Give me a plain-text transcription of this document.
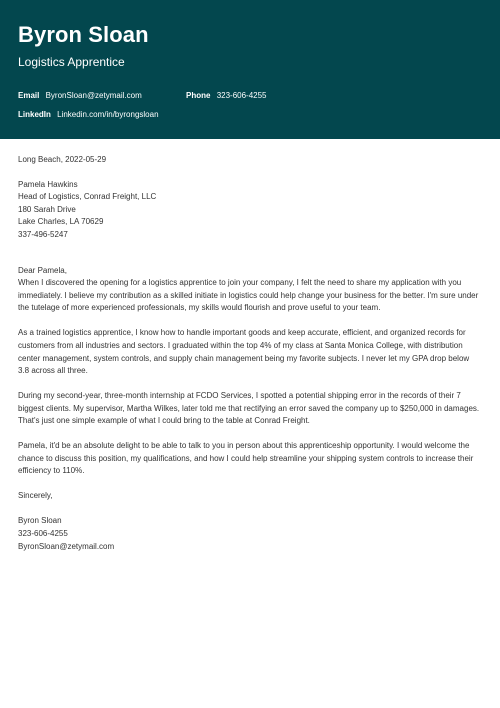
Byron Sloan
Logistics Apprentice
Email ByronSloan@zetymail.com	Phone 323-606-4255
LinkedIn Linkedin.com/in/byrongsloan

Long Beach, 2022-05-29

Pamela Hawkins

Head of Logistics, Conrad Freight, LLC

180 Sarah Drive

Lake Charles, LA 70629

337-496-5247

Dear Pamela,

When I discovered the opening for a logistics apprentice to join your company, I felt the need to share my application with you immediately. I believe my contribution as a skilled initiate in logistics could help change your business for the better. I'm sure under the tutelage of more experienced professionals, my skills would flourish and prove useful to your team.

As a trained logistics apprentice, I know how to handle important goods and keep accurate, efficient, and organized records for customers from all industries and sectors. I graduated within the top 4% of my class at Santa Monica College, with distribution center management, system controls, and supply chain management being my favorite subjects. I never let my GPA drop below 3.8 across all three.

During my second-year, three-month internship at FCDO Services, I spotted a potential shipping error in the records of their 7 biggest clients. My supervisor, Martha Wilkes, later told me that rectifying an error saved the company up to $250,000 in damages. That's just one simple example of what I could bring to the table at Conrad Freight.

Pamela, it'd be an absolute delight to be able to talk to you in person about this apprenticeship opportunity. I would welcome the chance to discuss this position, my qualifications, and how I could help streamline your shipping system controls to increase their efficiency to 110%.

Sincerely,

Byron Sloan

323-606-4255

ByronSloan@zetymail.com
